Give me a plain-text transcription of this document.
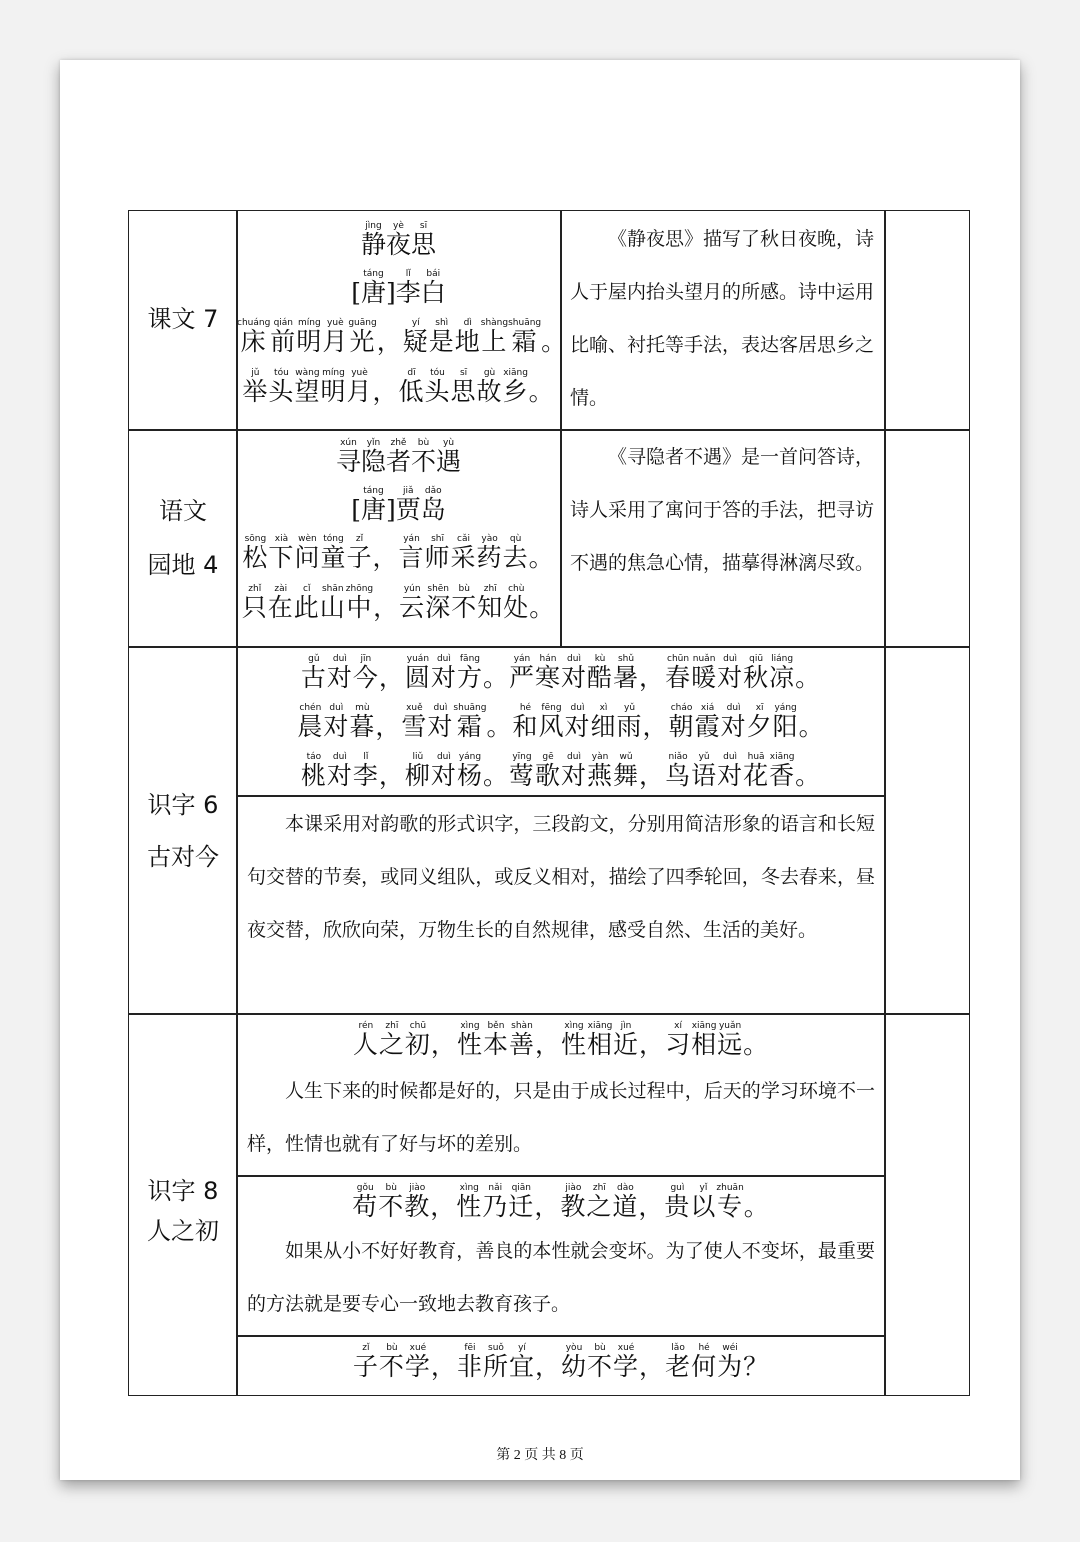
课文 7
静jìng夜yè思sī
[ 唐táng] 李lǐ白bái
床chuáng前qián明míng月yuè光guāng， 疑yí是shì地dì上shàng霜shuāng。
举jǔ头tóu望wàng明míng月yuè， 低dī头tóu思sī故gù乡xiāng。
《静夜思》描写了秋日夜晚，诗人于屋内抬头望月的所感。诗中运用比喻、衬托等手法，表达客居思乡之情。
语文
园地 4
寻xún隐yǐn者zhě不bù遇yù
[ 唐táng] 贾jiǎ岛dǎo
松sōng下xià问wèn童tóng子zǐ， 言yán师shī采cǎi药yào去qù。
只zhǐ在zài此cǐ山shān中zhōng， 云yún深shēn不bù知zhī处chù。
《寻隐者不遇》是一首问答诗，诗人采用了寓问于答的手法，把寻访不遇的焦急心情，描摹得淋漓尽致。
识字 6
古对今
古gǔ对duì今jīn， 圆yuán对duì方fāng。 严yán寒hán对duì酷kù暑shǔ， 春chūn暖nuǎn对duì秋qiū凉liáng。
晨chén对duì暮mù， 雪xuě对duì霜shuāng。 和hé风fēng对duì细xì雨yǔ， 朝cháo霞xiá对duì夕xī阳yáng。
桃táo对duì李lǐ， 柳liǔ对duì杨yáng。 莺yīng歌gē对duì燕yàn舞wǔ， 鸟niǎo语yǔ对duì花huā香xiāng。
本课采用对韵歌的形式识字，三段韵文，分别用简洁形象的语言和长短句交替的节奏，或同义组队，或反义相对，描绘了四季轮回，冬去春来，昼夜交替，欣欣向荣，万物生长的自然规律，感受自然、生活的美好。
识字 8
人之初
人rén之zhī初chū， 性xìng本běn善shàn， 性xìng相xiāng近jìn， 习xí相xiāng远yuǎn。
人生下来的时候都是好的，只是由于成长过程中，后天的学习环境不一样，性情也就有了好与坏的差别。
苟gǒu不bù教jiào， 性xìng乃nǎi迁qiān， 教jiào之zhī道dào， 贵guì以yǐ专zhuān。
如果从小不好好教育，善良的本性就会变坏。为了使人不变坏，最重要的方法就是要专心一致地去教育孩子。
子zǐ不bù学xué， 非fēi所suǒ宜yí， 幼yòu不bù学xué， 老lǎo何hé为wéi？
第 2 页 共 8 页
